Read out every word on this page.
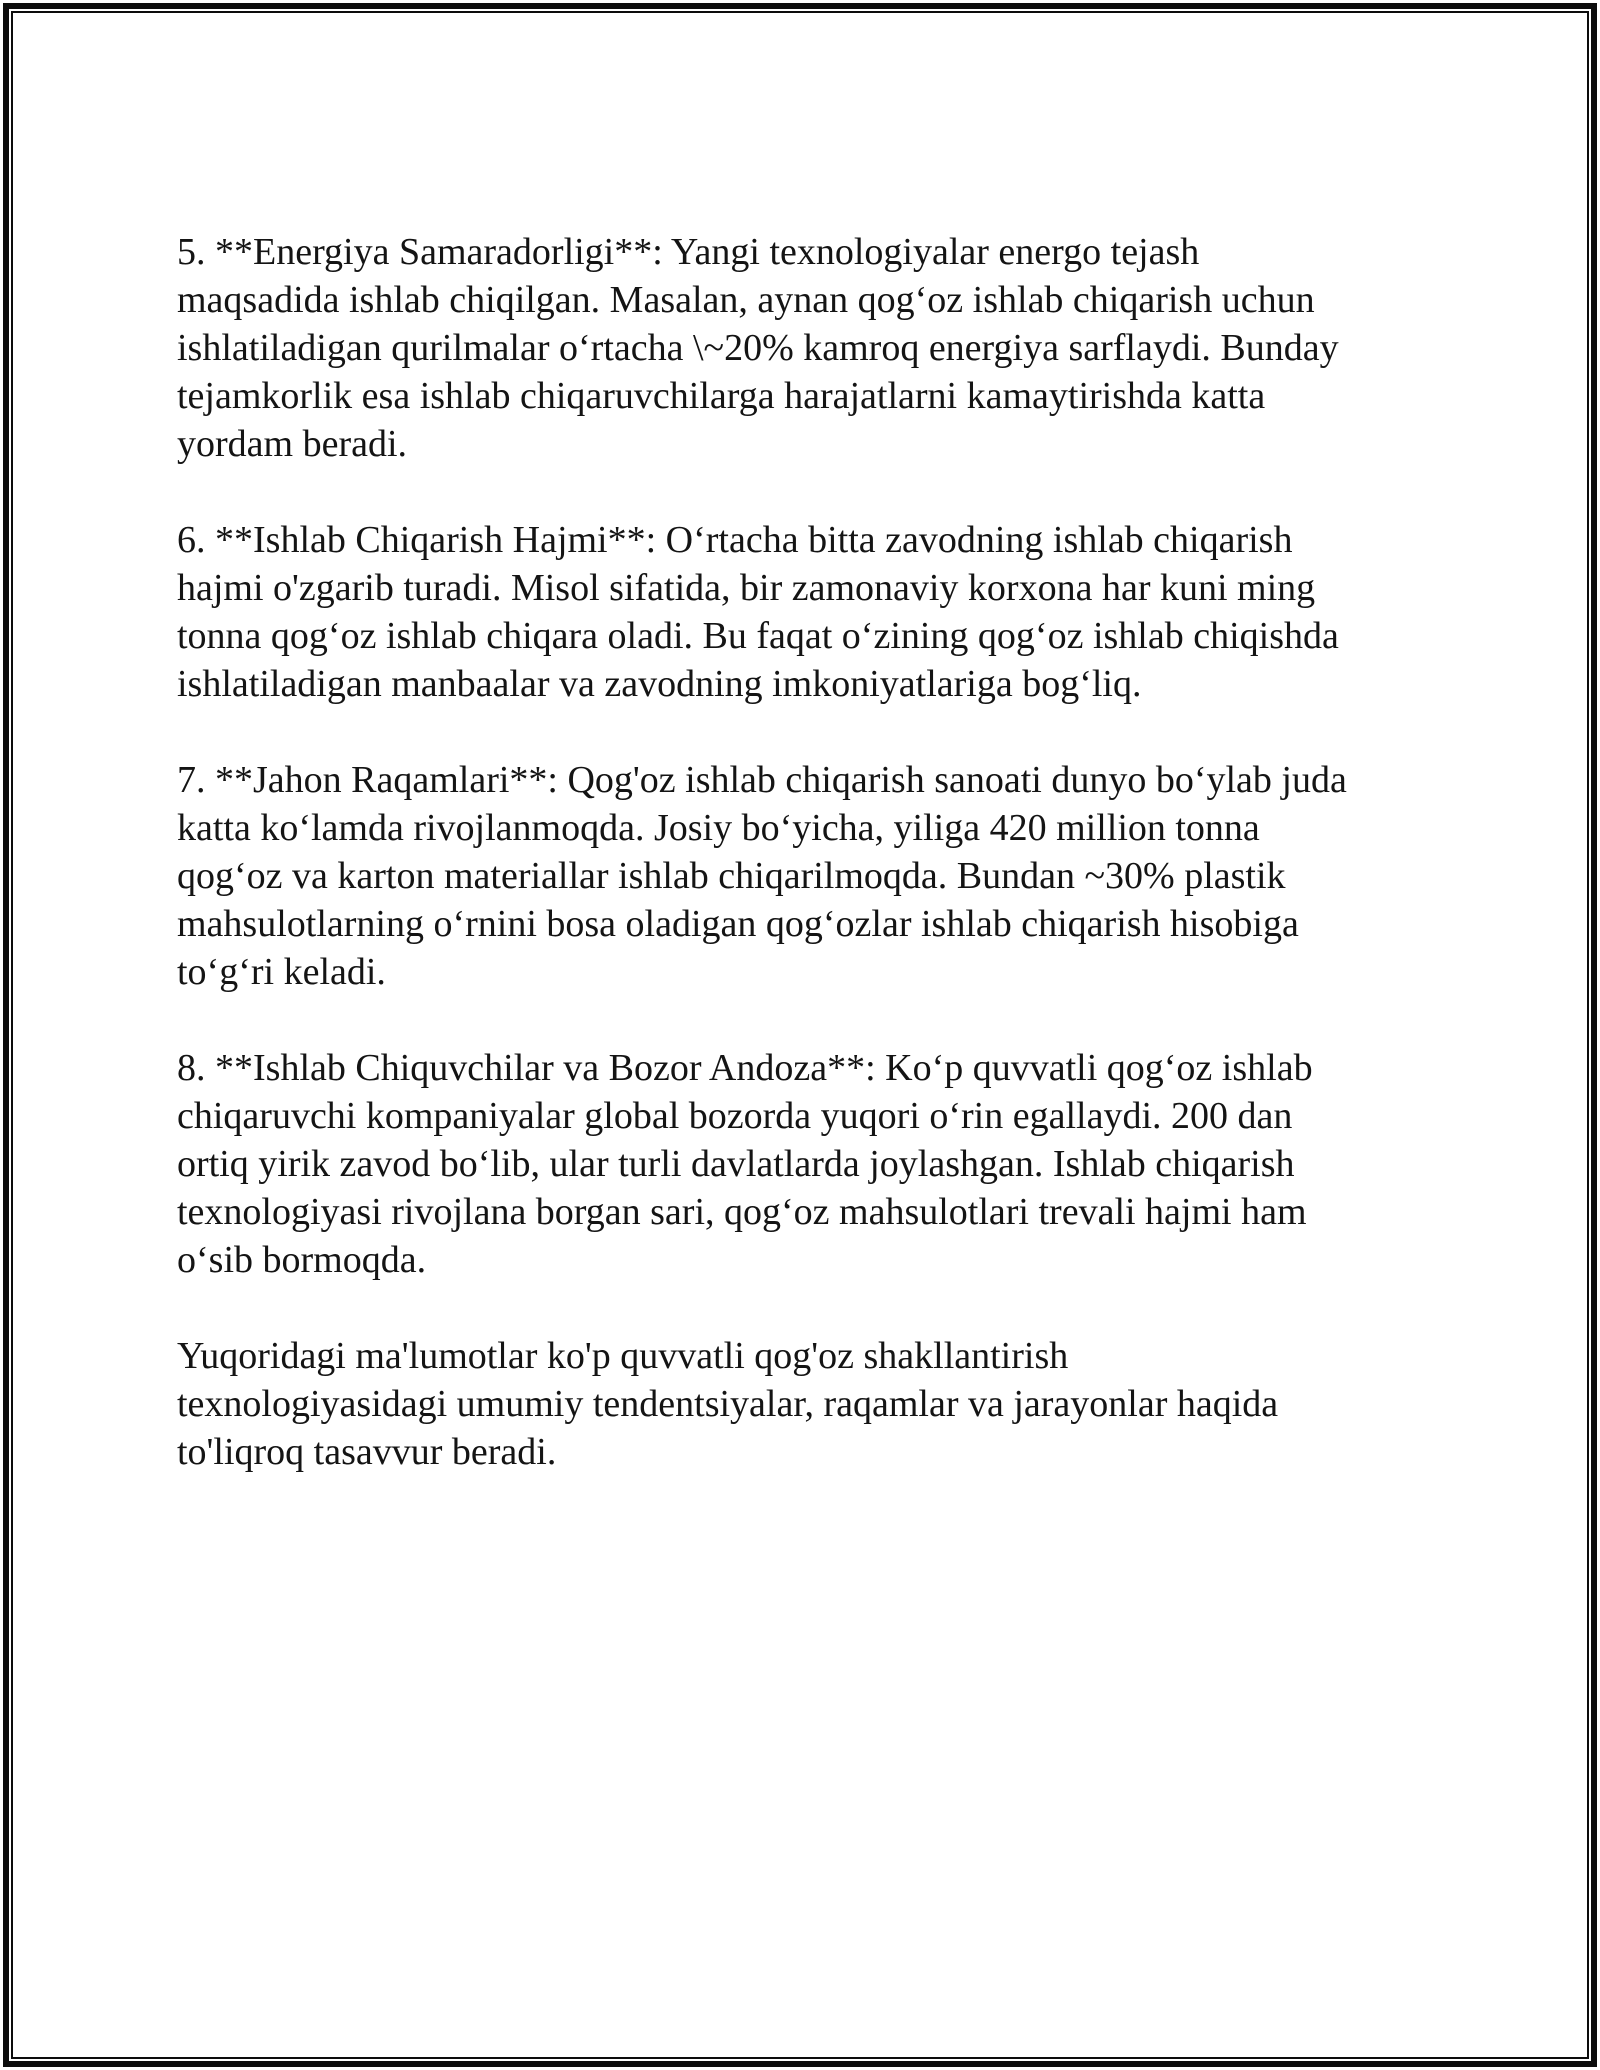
5. **Energiya Samaradorligi**: Yangi texnologiyalar energo tejash
maqsadida ishlab chiqilgan. Masalan, aynan qog‘oz ishlab chiqarish uchun
ishlatiladigan qurilmalar o‘rtacha \~20% kamroq energiya sarflaydi. Bunday
tejamkorlik esa ishlab chiqaruvchilarga harajatlarni kamaytirishda katta
yordam beradi.

6. **Ishlab Chiqarish Hajmi**: O‘rtacha bitta zavodning ishlab chiqarish
hajmi o'zgarib turadi. Misol sifatida, bir zamonaviy korxona har kuni ming
tonna qog‘oz ishlab chiqara oladi. Bu faqat o‘zining qog‘oz ishlab chiqishda
ishlatiladigan manbaalar va zavodning imkoniyatlariga bog‘liq.

7. **Jahon Raqamlari**: Qog'oz ishlab chiqarish sanoati dunyo bo‘ylab juda
katta ko‘lamda rivojlanmoqda. Josiy bo‘yicha, yiliga 420 million tonna
qog‘oz va karton materiallar ishlab chiqarilmoqda. Bundan ~30% plastik
mahsulotlarning o‘rnini bosa oladigan qog‘ozlar ishlab chiqarish hisobiga
to‘g‘ri keladi.

8. **Ishlab Chiquvchilar va Bozor Andoza**: Ko‘p quvvatli qog‘oz ishlab
chiqaruvchi kompaniyalar global bozorda yuqori o‘rin egallaydi. 200 dan
ortiq yirik zavod bo‘lib, ular turli davlatlarda joylashgan. Ishlab chiqarish
texnologiyasi rivojlana borgan sari, qog‘oz mahsulotlari trevali hajmi ham
o‘sib bormoqda.

Yuqoridagi ma'lumotlar ko'p quvvatli qog'oz shakllantirish
texnologiyasidagi umumiy tendentsiyalar, raqamlar va jarayonlar haqida
to'liqroq tasavvur beradi.
